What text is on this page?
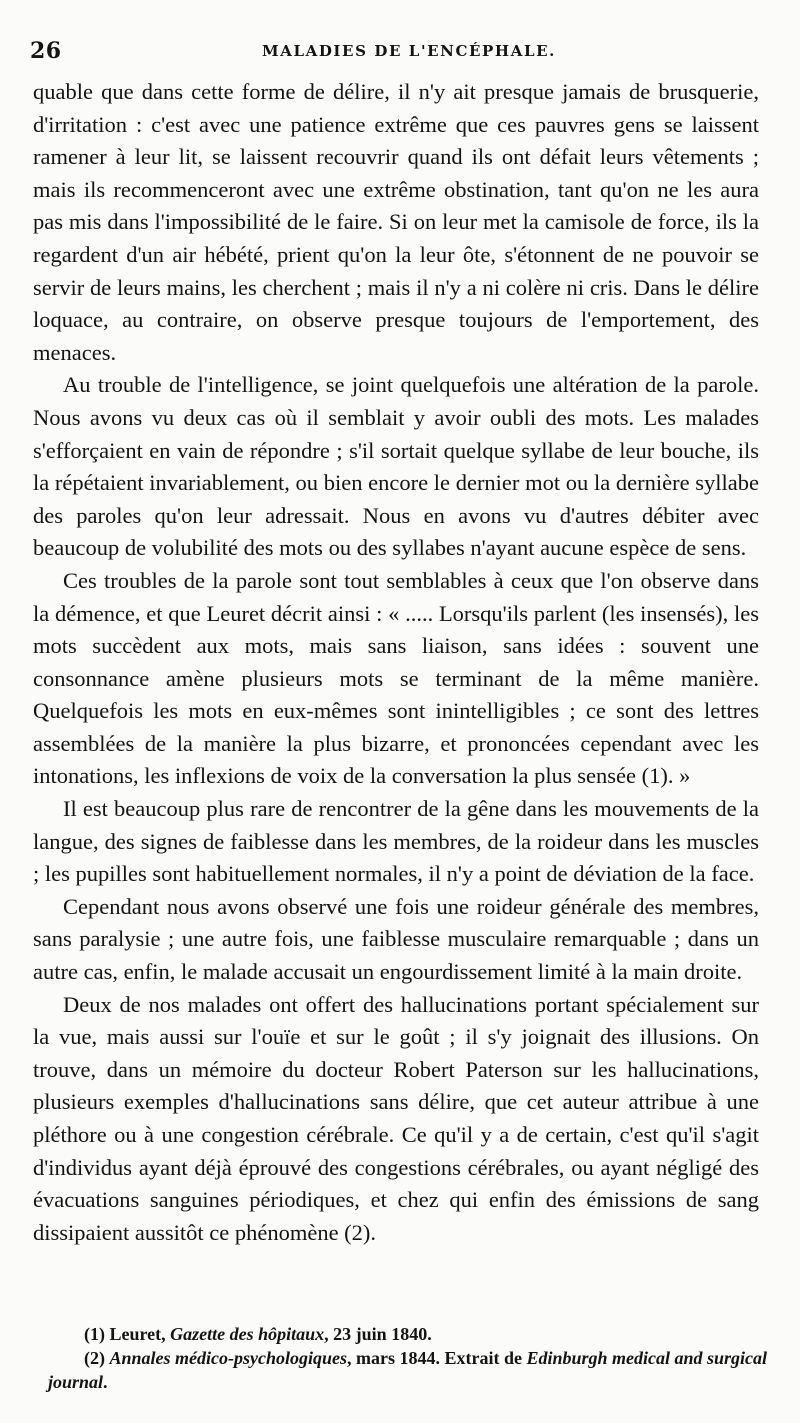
26	MALADIES DE L'ENCÉPHALE.

quable que dans cette forme de délire, il n'y ait presque jamais de brusquerie, d'irritation : c'est avec une patience extrême que ces pauvres gens se laissent ramener à leur lit, se laissent recouvrir quand ils ont défait leurs vêtements ; mais ils recommenceront avec une extrême obstination, tant qu'on ne les aura pas mis dans l'impossibilité de le faire. Si on leur met la camisole de force, ils la regardent d'un air hébété, prient qu'on la leur ôte, s'étonnent de ne pouvoir se servir de leurs mains, les cherchent ; mais il n'y a ni colère ni cris. Dans le délire loquace, au contraire, on observe presque toujours de l'emportement, des menaces.

Au trouble de l'intelligence, se joint quelquefois une altération de la parole. Nous avons vu deux cas où il semblait y avoir oubli des mots. Les malades s'efforçaient en vain de répondre ; s'il sortait quelque syllabe de leur bouche, ils la répétaient invariablement, ou bien encore le dernier mot ou la dernière syllabe des paroles qu'on leur adressait. Nous en avons vu d'autres débiter avec beaucoup de volubilité des mots ou des syllabes n'ayant aucune espèce de sens.

Ces troubles de la parole sont tout semblables à ceux que l'on observe dans la démence, et que Leuret décrit ainsi : « ..... Lorsqu'ils parlent (les insensés), les mots succèdent aux mots, mais sans liaison, sans idées : souvent une consonnance amène plusieurs mots se terminant de la même manière. Quelquefois les mots en eux-mêmes sont inintelligibles ; ce sont des lettres assemblées de la manière la plus bizarre, et prononcées cependant avec les intonations, les inflexions de voix de la conversation la plus sensée (1). »

Il est beaucoup plus rare de rencontrer de la gêne dans les mouvements de la langue, des signes de faiblesse dans les membres, de la roideur dans les muscles ; les pupilles sont habituellement normales, il n'y a point de déviation de la face.

Cependant nous avons observé une fois une roideur générale des membres, sans paralysie ; une autre fois, une faiblesse musculaire remarquable ; dans un autre cas, enfin, le malade accusait un engourdissement limité à la main droite.

Deux de nos malades ont offert des hallucinations portant spécialement sur la vue, mais aussi sur l'ouïe et sur le goût ; il s'y joignait des illusions. On trouve, dans un mémoire du docteur Robert Paterson sur les hallucinations, plusieurs exemples d'hallucinations sans délire, que cet auteur attribue à une pléthore ou à une congestion cérébrale. Ce qu'il y a de certain, c'est qu'il s'agit d'individus ayant déjà éprouvé des congestions cérébrales, ou ayant négligé des évacuations sanguines périodiques, et chez qui enfin des émissions de sang dissipaient aussitôt ce phénomène (2).

(1) Leuret, Gazette des hôpitaux, 23 juin 1840.

(2) Annales médico-psychologiques, mars 1844. Extrait de Edinburgh medical and surgical journal.
